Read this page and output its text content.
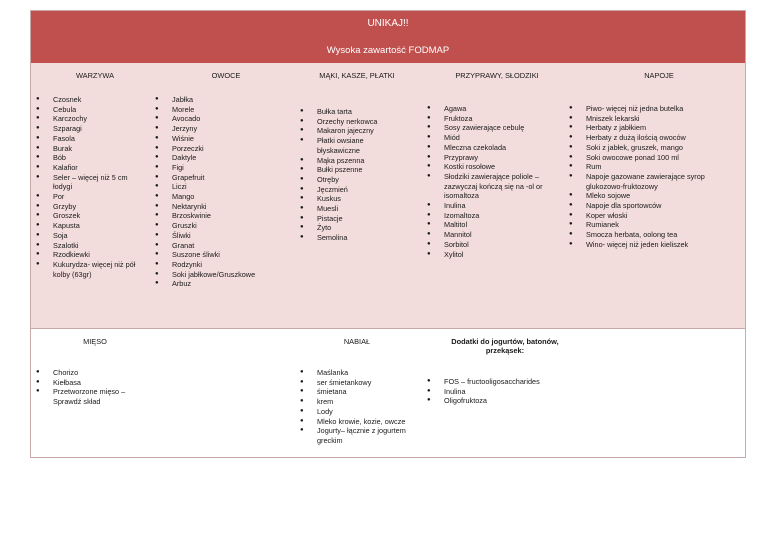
UNIKAJ!!
Wysoka zawartość FODMAP
WARZYWA
● Czosnek
● Cebula
● Karczochy
● Szparagi
● Fasola
● Burak
● Bób
● Kalafior
● Seler – więcej niż 5 cm łodygi
● Por
● Grzyby
● Groszek
● Kapusta
● Soja
● Szalotki
● Rzodkiewki
● Kukurydza- więcej niż pół kolby (63gr)
OWOCE
● Jabłka
● Morele
● Avocado
● Jerzyny
● Wiśnie
● Porzeczki
● Daktyle
● Figi
● Grapefruit
● Liczi
● Mango
● Nektarynki
● Brzoskwinie
● Gruszki
● Śliwki
● Granat
● Suszone śliwki
● Rodzynki
● Soki jabłkowe/Gruszkowe
● Arbuz
MĄKI, KASZE, PŁATKI
● Bułka tarta
● Orzechy nerkowca
● Makaron jajeczny
● Płatki owsiane błyskawiczne
● Mąka pszenna
● Bułki pszenne
● Otręby
● Jęczmień
● Kuskus
● Muesli
● Pistacje
● Żyto
● Semolina
PRZYPRAWY, SŁODZIKI
● Agawa
● Fruktoza
● Sosy zawierające cebulę
● Miód
● Mleczna czekolada
● Przyprawy
● Kostki rosołowe
● Słodziki zawierające poliole – zazwyczaj kończą się na -ol or isomaltoza
● Inulina
● Izomaltoza
● Maltitol
● Mannitol
● Sorbitol
● Xylitol
NAPOJE
● Piwo- więcej niż jedna butelka
● Mniszek lekarski
● Herbaty z jabłkiem
● Herbaty z dużą ilością owoców
● Soki z jabłek, gruszek, mango
● Soki owocowe ponad 100 ml
● Rum
● Napoje gazowane zawierające syrop glukozowo-fruktozowy
● Mleko sojowe
● Napoje dla sportowców
● Koper włoski
● Rumianek
● Smocza herbata, oolong tea
● Wino- więcej niż jeden kieliszek
MIĘSO
● Chorizo
● Kiełbasa
● Przetworzone mięso – Sprawdź skład
NABIAŁ
● Maślanka
● ser śmietankowy
● śmietana
● krem
● Lody
● Mleko krowie, kozie, owcze
● Jogurty– łącznie z jogurtem greckim
Dodatki do jogurtów, batonów, przekąsek:
● FOS – fructooligosaccharides
● Inulina
● Oligofruktoza
